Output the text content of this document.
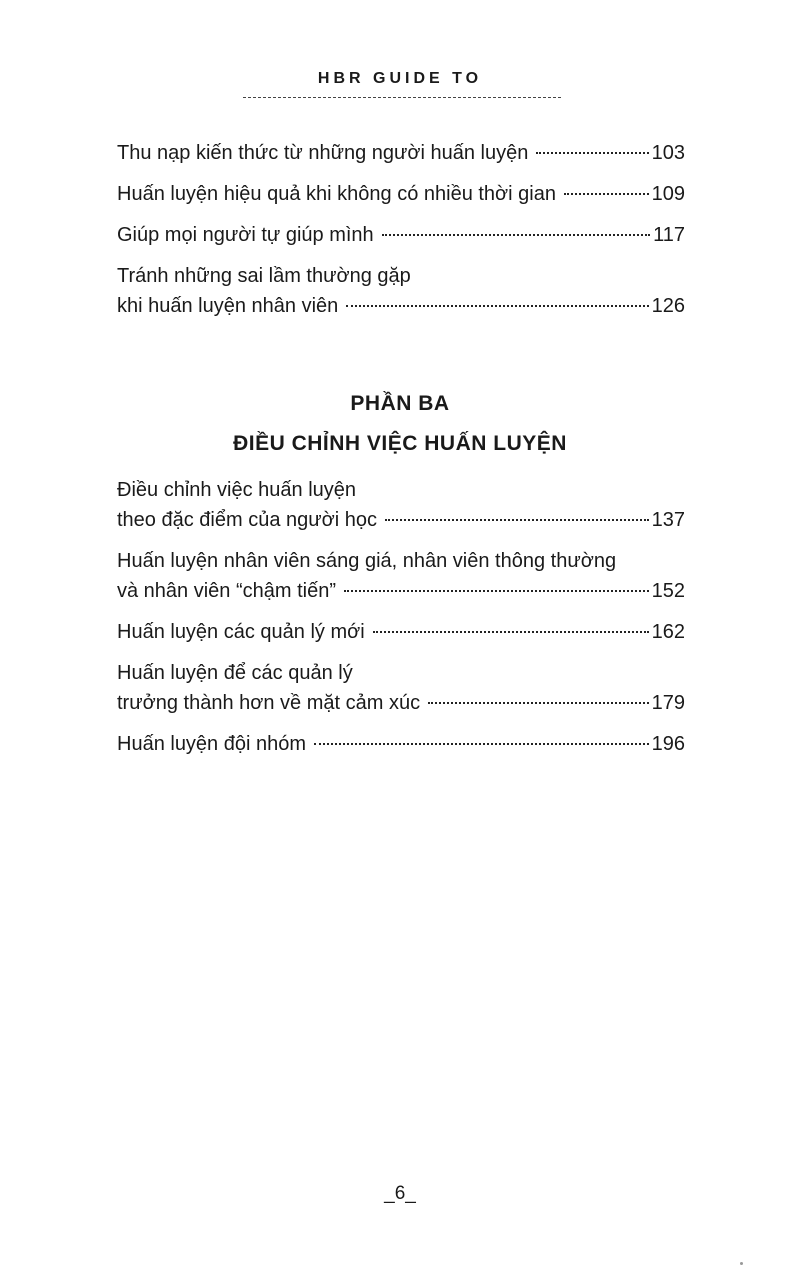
HBR GUIDE TO
Thu nạp kiến thức từ những người huấn luyện	103
Huấn luyện hiệu quả khi không có nhiều thời gian	109
Giúp mọi người tự giúp mình	117
Tránh những sai lầm thường gặp
khi huấn luyện nhân viên	126
PHẦN BA
ĐIỀU CHỈNH VIỆC HUẤN LUYỆN
Điều chỉnh việc huấn luyện
theo đặc điểm của người học	137
Huấn luyện nhân viên sáng giá, nhân viên thông thường
và nhân viên “chậm tiến”	152
Huấn luyện các quản lý mới	162
Huấn luyện để các quản lý
trưởng thành hơn về mặt cảm xúc	179
Huấn luyện đội nhóm	196
_6_
